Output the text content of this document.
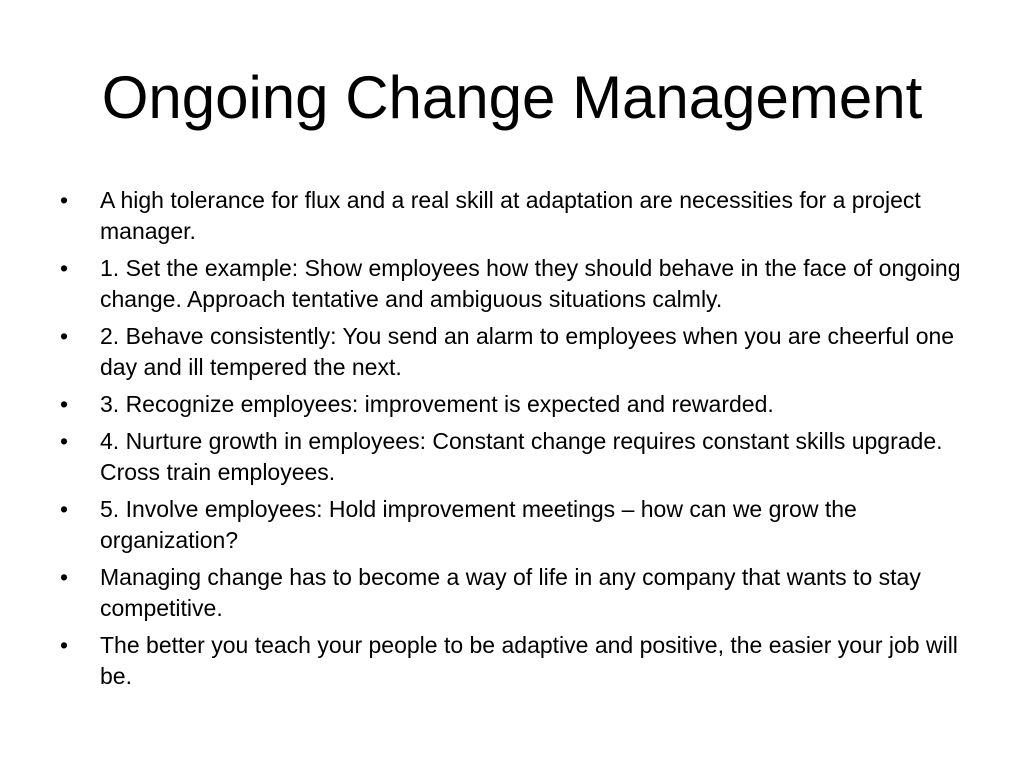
Ongoing Change Management
•	A high tolerance for flux and a real skill at adaptation are necessities for a project manager.
•	1. Set the example: Show employees how they should behave in the face of ongoing change. Approach tentative and ambiguous situations calmly.
•	2. Behave consistently: You send an alarm to employees when you are cheerful one day and ill tempered the next.
•	3. Recognize employees: improvement is expected and rewarded.
•	4. Nurture growth in employees: Constant change requires constant skills upgrade. Cross train employees.
•	5. Involve employees: Hold improvement meetings – how can we grow the organization?
•	Managing change has to become a way of life in any company that wants to stay competitive.
•	The better you teach your people to be adaptive and positive, the easier your job will be.
